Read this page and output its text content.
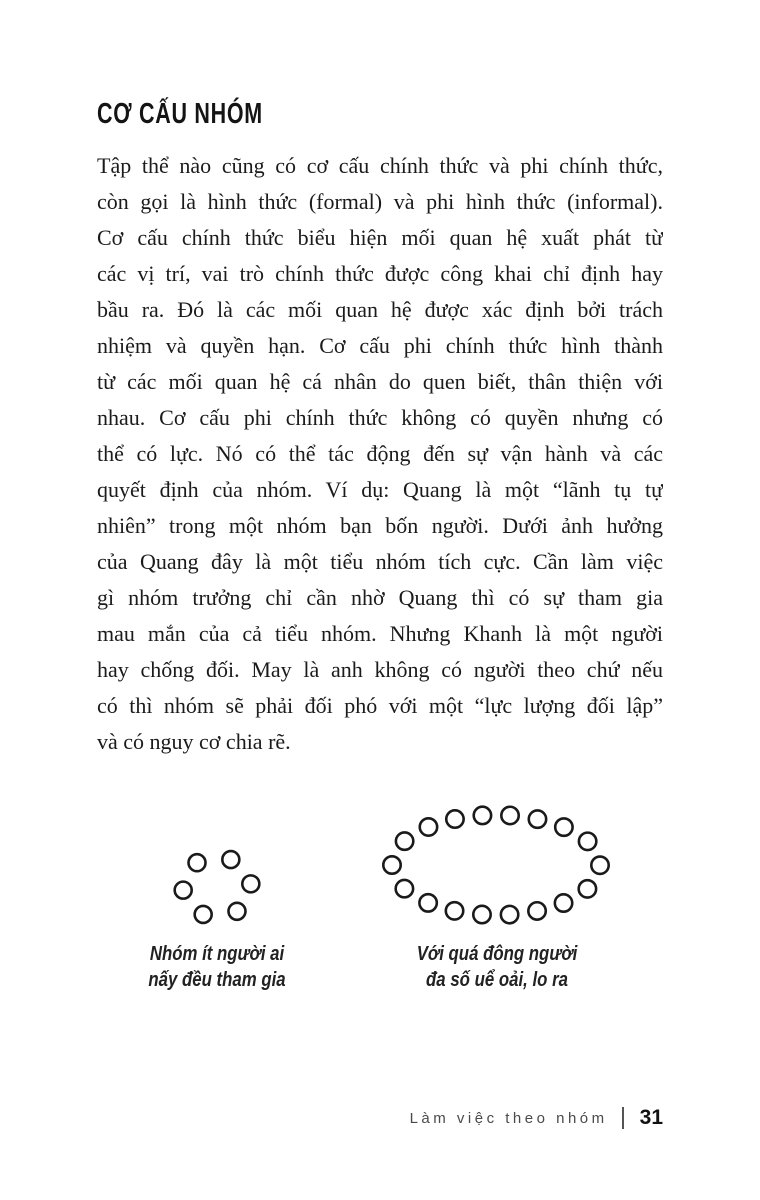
CƠ CẤU NHÓM
Tập thể nào cũng có cơ cấu chính thức và phi chính thức,
còn gọi là hình thức (formal) và phi hình thức (informal).
Cơ cấu chính thức biểu hiện mối quan hệ xuất phát từ
các vị trí, vai trò chính thức được công khai chỉ định hay
bầu ra. Đó là các mối quan hệ được xác định bởi trách
nhiệm và quyền hạn. Cơ cấu phi chính thức hình thành
từ các mối quan hệ cá nhân do quen biết, thân thiện với
nhau. Cơ cấu phi chính thức không có quyền nhưng có
thể có lực. Nó có thể tác động đến sự vận hành và các
quyết định của nhóm. Ví dụ: Quang là một “lãnh tụ tự
nhiên” trong một nhóm bạn bốn người. Dưới ảnh hưởng
của Quang đây là một tiểu nhóm tích cực. Cần làm việc
gì nhóm trưởng chỉ cần nhờ Quang thì có sự tham gia
mau mắn của cả tiểu nhóm. Nhưng Khanh là một người
hay chống đối. May là anh không có người theo chứ nếu
có thì nhóm sẽ phải đối phó với một “lực lượng đối lập”
và có nguy cơ chia rẽ.
Nhóm ít người ai
nấy đều tham gia
Với quá đông người
đa số uể oải, lo ra
Làm việc theo nhóm 31
